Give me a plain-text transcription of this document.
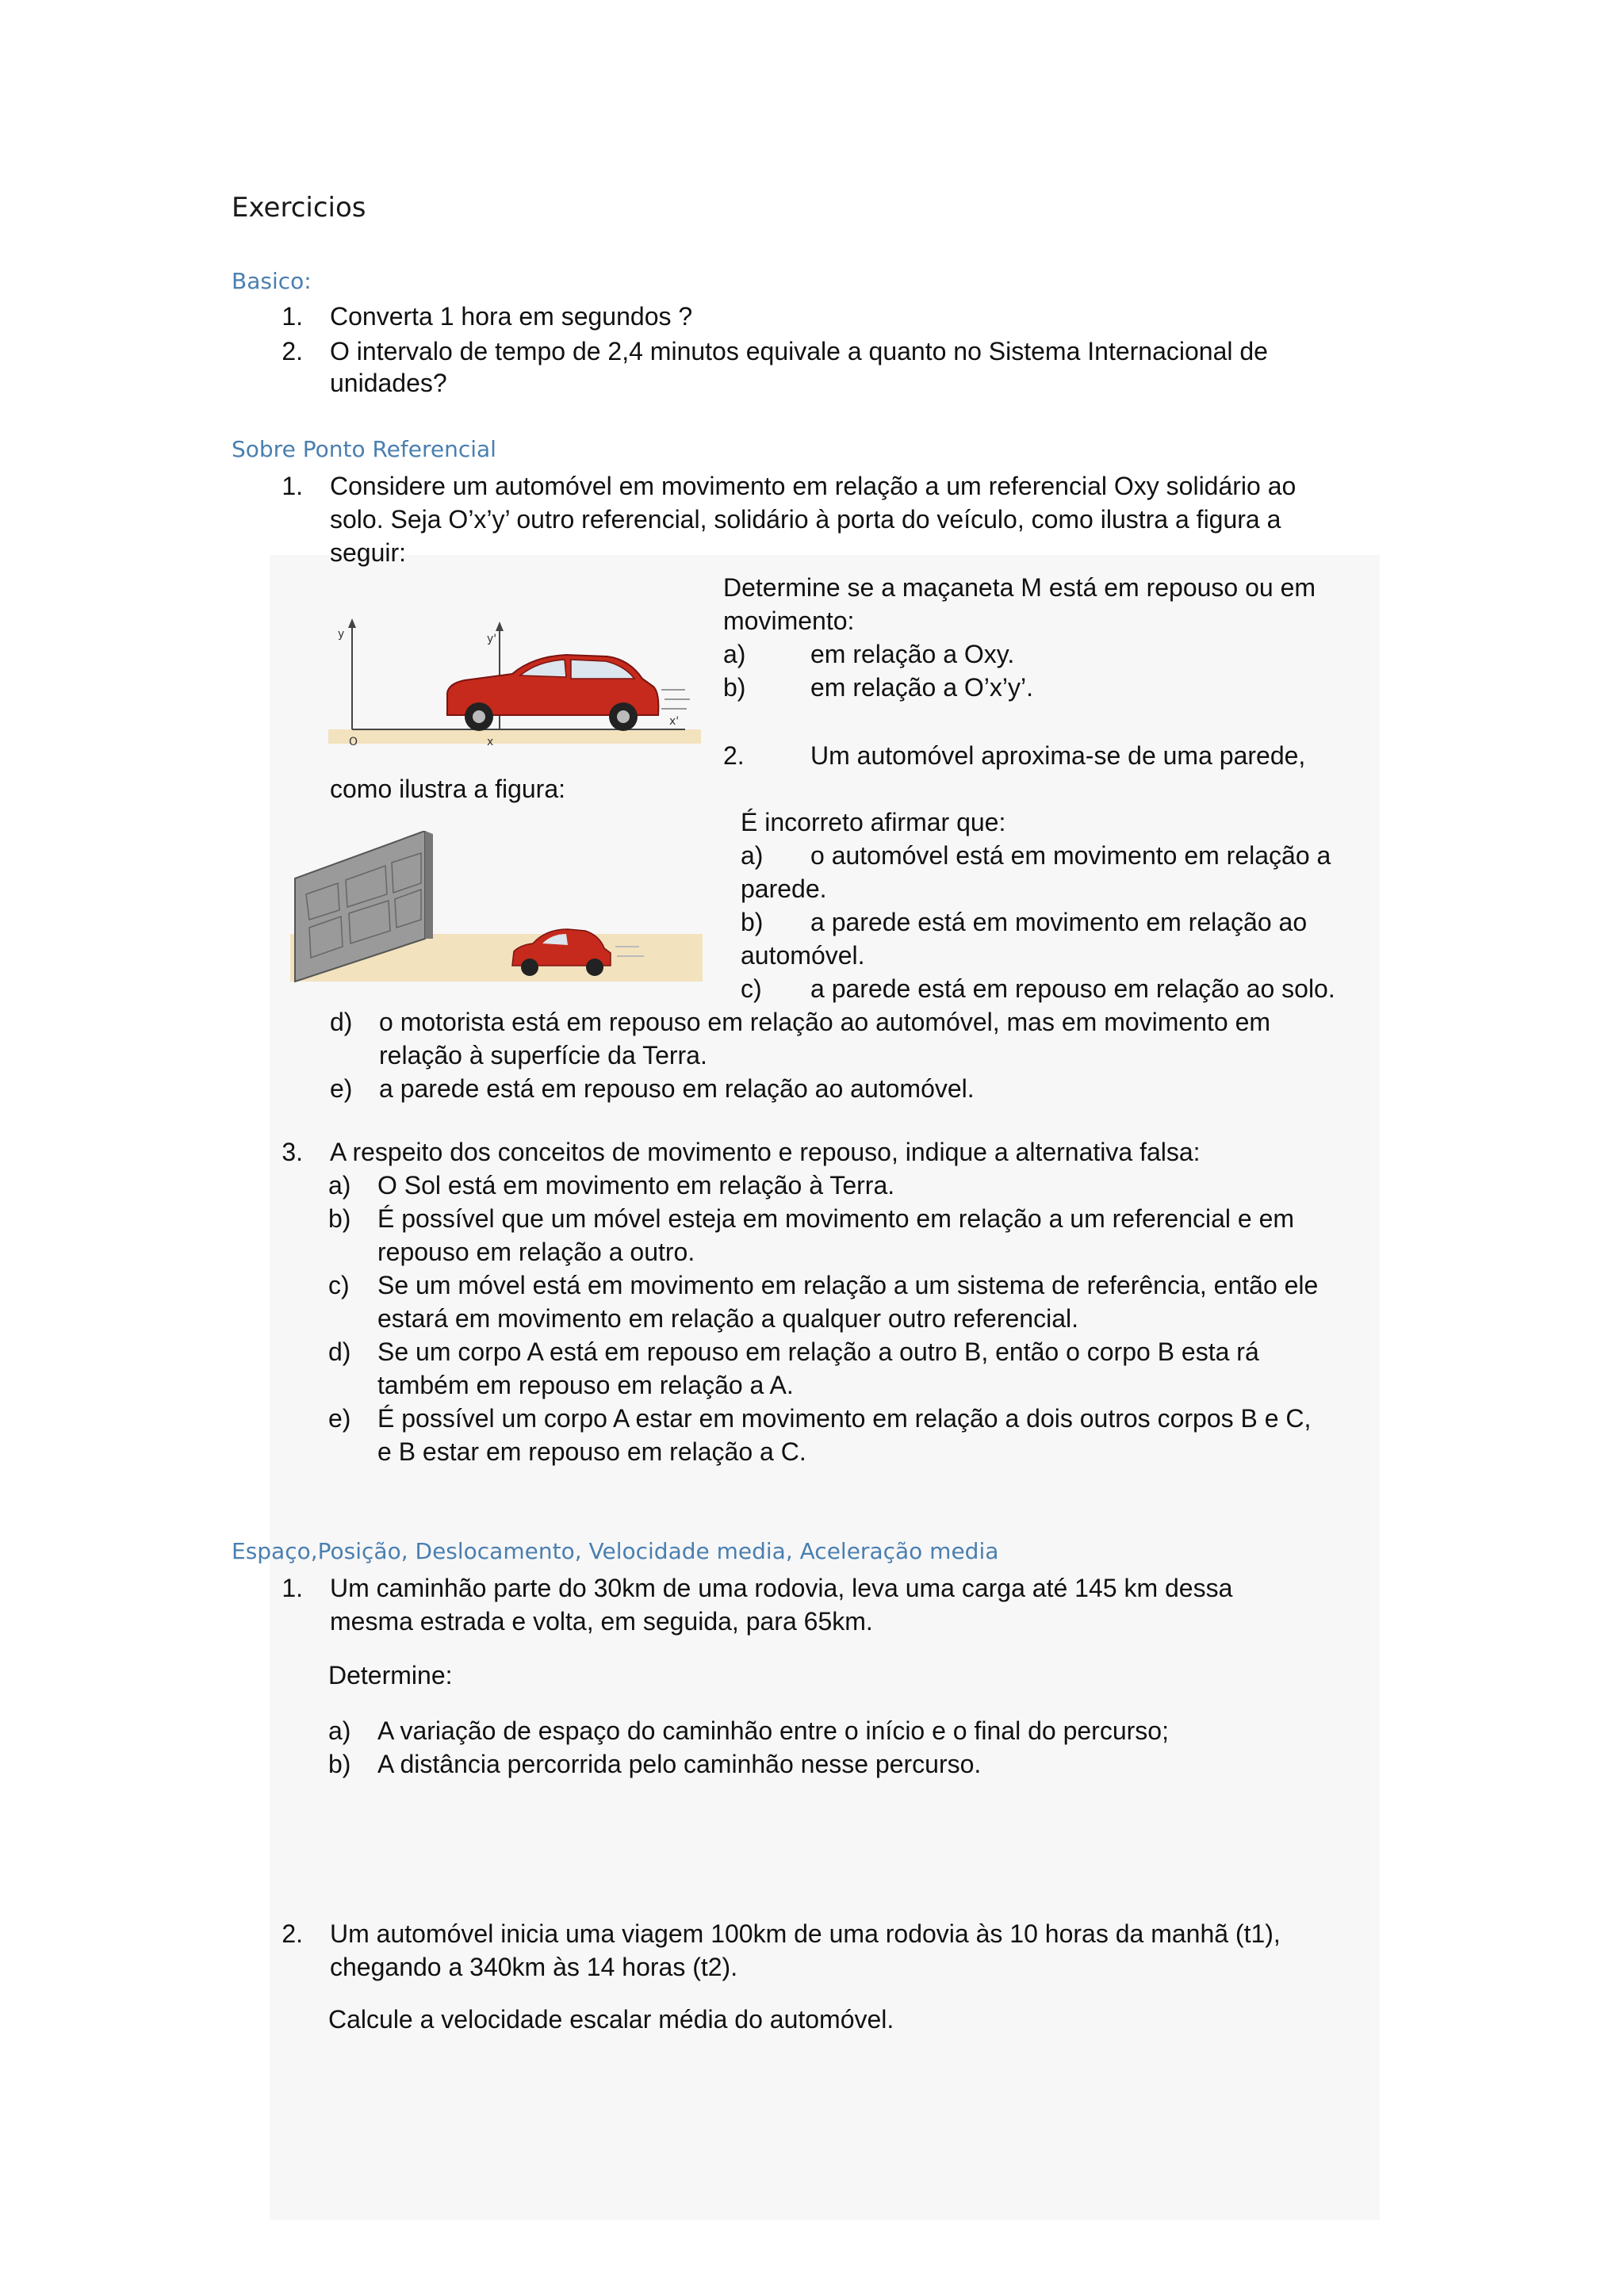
Exercicios
Basico:
1. Converta 1 hora em segundos ?
2. O intervalo de tempo de 2,4 minutos equivale a quanto no Sistema Internacional de
unidades?
Sobre Ponto Referencial
1. Considere um automóvel em movimento em relação a um referencial Oxy solidário ao
solo. Seja O’x’y’ outro referencial, solidário à porta do veículo, como ilustra a figura a
seguir:
Determine se a maçaneta M está em repouso ou em
movimento:
a)	em relação a Oxy.
b)	em relação a O’x’y’.
2.	Um automóvel aproxima-se de uma parede,
como ilustra a figura:
É incorreto afirmar que:
a) o automóvel está em movimento em relação a
parede.
b) a parede está em movimento em relação ao
automóvel.
c) a parede está em repouso em relação ao solo.
d) o motorista está em repouso em relação ao automóvel, mas em movimento em
relação à superfície da Terra.
e) a parede está em repouso em relação ao automóvel.
3. A respeito dos conceitos de movimento e repouso, indique a alternativa falsa:
a) O Sol está em movimento em relação à Terra.
b) É possível que um móvel esteja em movimento em relação a um referencial e em
repouso em relação a outro.
c) Se um móvel está em movimento em relação a um sistema de referência, então ele
estará em movimento em relação a qualquer outro referencial.
d) Se um corpo A está em repouso em relação a outro B, então o corpo B esta rá
também em repouso em relação a A.
e) É possível um corpo A estar em movimento em relação a dois outros corpos B e C,
e B estar em repouso em relação a C.
y	y'
O	x
x'
Espaço,Posição, Deslocamento, Velocidade media, Aceleração media
1. Um caminhão parte do 30km de uma rodovia, leva uma carga até 145 km dessa
mesma estrada e volta, em seguida, para 65km.
Determine:
a) A variação de espaço do caminhão entre o início e o final do percurso;
b) A distância percorrida pelo caminhão nesse percurso.
2. Um automóvel inicia uma viagem 100km de uma rodovia às 10 horas da manhã (t1),
chegando a 340km às 14 horas (t2).
Calcule a velocidade escalar média do automóvel.
